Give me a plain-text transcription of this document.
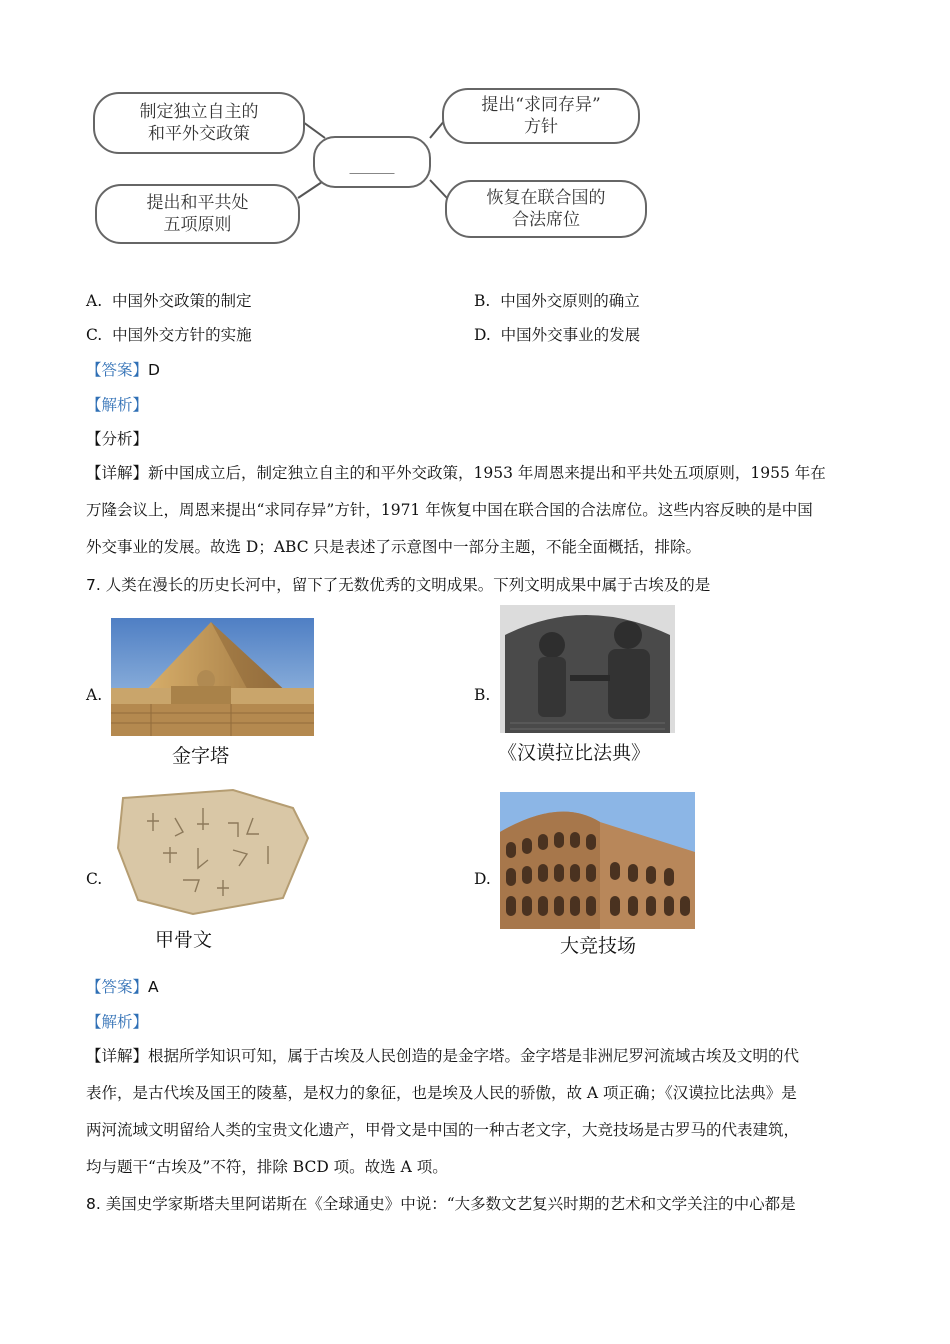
制定独立自主的
和平外交政策
提出“求同存异”
方针
______
提出和平共处
五项原则
恢复在联合国的
合法席位
A. 中国外交政策的制定	B. 中国外交原则的确立
C. 中国外交方针的实施	D. 中国外交事业的发展
【答案】D
【解析】
【分析】
【详解】新中国成立后，制定独立自主的和平外交政策，1953 年周恩来提出和平共处五项原则，1955 年在
万隆会议上，周恩来提出“求同存异”方针，1971 年恢复中国在联合国的合法席位。这些内容反映的是中国
外交事业的发展。故选 D；ABC 只是表述了示意图中一部分主题，不能全面概括，排除。
7. 人类在漫长的历史长河中，留下了无数优秀的文明成果。下列文明成果中属于古埃及的是
A.
金字塔
B.
《汉谟拉比法典》
C.
甲骨文
D.
大竞技场
【答案】A
【解析】
【详解】根据所学知识可知，属于古埃及人民创造的是金字塔。金字塔是非洲尼罗河流域古埃及文明的代
表作，是古代埃及国王的陵墓，是权力的象征，也是埃及人民的骄傲，故 A 项正确；《汉谟拉比法典》是
两河流域文明留给人类的宝贵文化遗产，甲骨文是中国的一种古老文字，大竞技场是古罗马的代表建筑，
均与题干“古埃及”不符，排除 BCD 项。故选 A 项。
8. 美国史学家斯塔夫里阿诺斯在《全球通史》中说：“大多数文艺复兴时期的艺术和文学关注的中心都是
